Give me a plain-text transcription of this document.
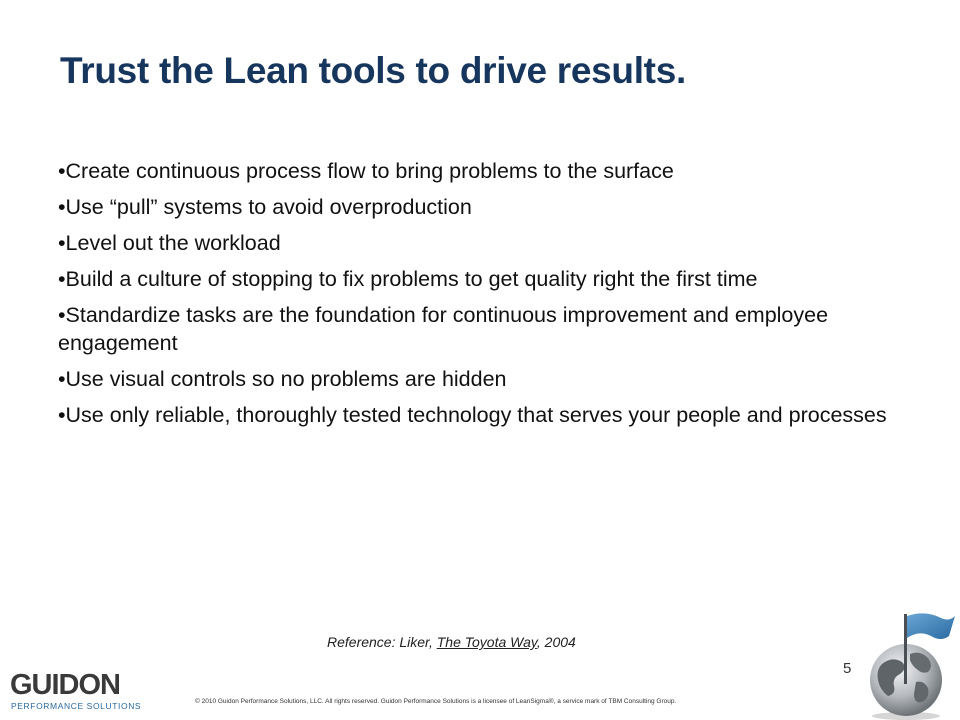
Trust the Lean tools to drive results.
• Create continuous process flow to bring problems to the surface
• Use “pull” systems to avoid overproduction
• Level out the workload
• Build a culture of stopping to fix problems to get quality right the first time
• Standardize tasks are the foundation for continuous improvement and employee engagement
• Use visual controls so no problems are hidden
• Use only reliable, thoroughly tested technology that serves your people and processes
Reference: Liker, The Toyota Way, 2004
5
GUIDON
PERFORMANCE SOLUTIONS	© 2010 Guidon Performance Solutions, LLC. All rights reserved. Guidon Performance Solutions is a licensee of LeanSigma®, a service mark of TBM Consulting Group.
